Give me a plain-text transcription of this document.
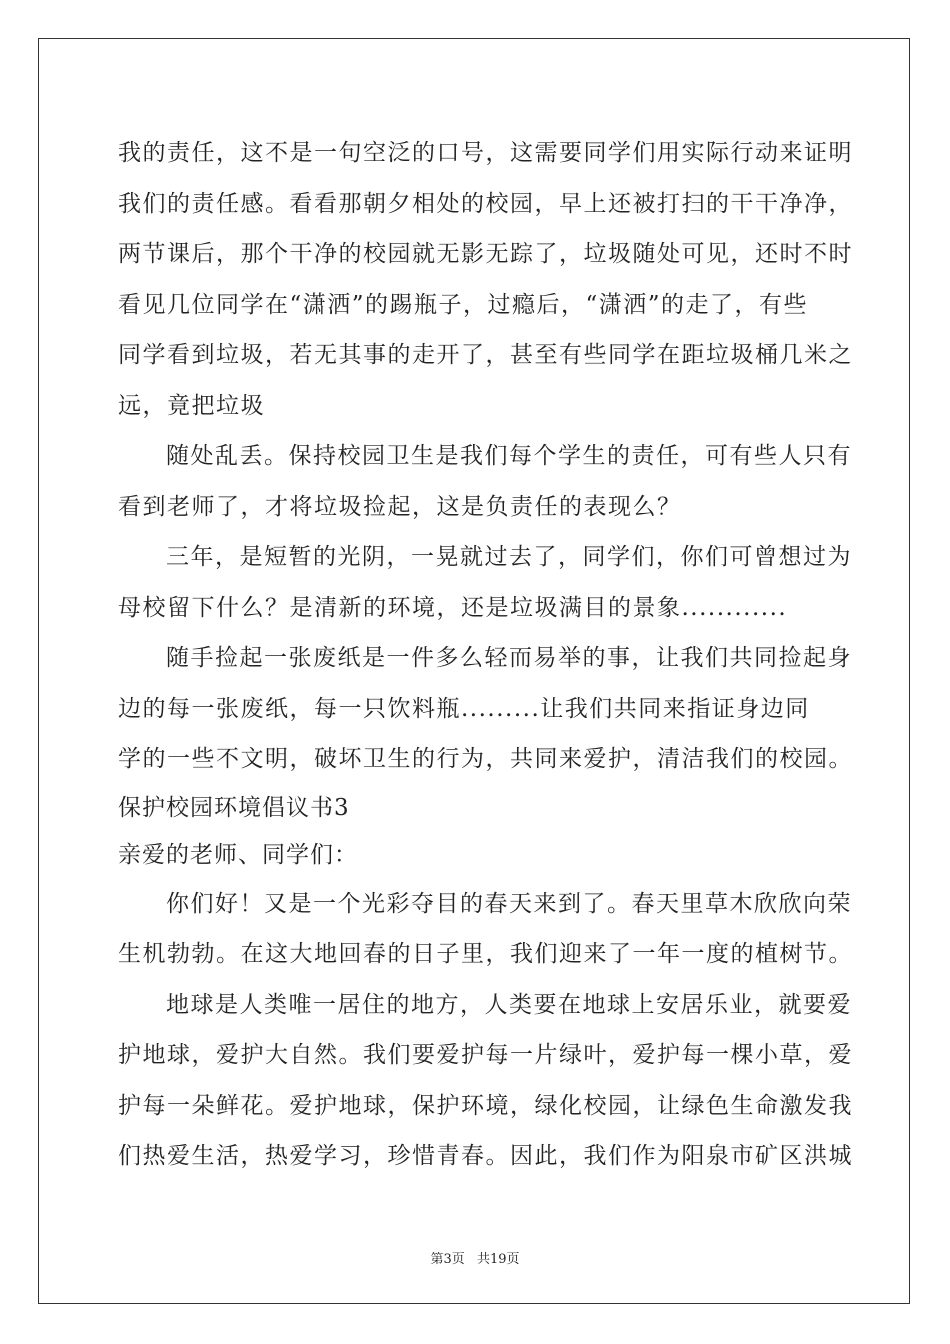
我的责任，这不是一句空泛的口号，这需要同学们用实际行动来证明
我们的责任感。看看那朝夕相处的校园，早上还被打扫的干干净净，
两节课后，那个干净的校园就无影无踪了，垃圾随处可见，还时不时
看见几位同学在“潇洒”的踢瓶子，过瘾后，“潇洒”的走了，有些
同学看到垃圾，若无其事的走开了，甚至有些同学在距垃圾桶几米之
远，竟把垃圾
随处乱丢。保持校园卫生是我们每个学生的责任，可有些人只有
看到老师了，才将垃圾捡起，这是负责任的表现么？
三年，是短暂的光阴，一晃就过去了，同学们，你们可曾想过为
母校留下什么？是清新的环境，还是垃圾满目的景象............
随手捡起一张废纸是一件多么轻而易举的事，让我们共同捡起身
边的每一张废纸，每一只饮料瓶.........让我们共同来指证身边同
学的一些不文明，破坏卫生的行为，共同来爱护，清洁我们的校园。
保护校园环境倡议书3
亲爱的老师、同学们：
你们好！又是一个光彩夺目的春天来到了。春天里草木欣欣向荣
生机勃勃。在这大地回春的日子里，我们迎来了一年一度的植树节。
地球是人类唯一居住的地方，人类要在地球上安居乐业，就要爱
护地球，爱护大自然。我们要爱护每一片绿叶，爱护每一棵小草，爱
护每一朵鲜花。爱护地球，保护环境，绿化校园，让绿色生命激发我
们热爱生活，热爱学习，珍惜青春。因此，我们作为阳泉市矿区洪城
第3页 共19页
